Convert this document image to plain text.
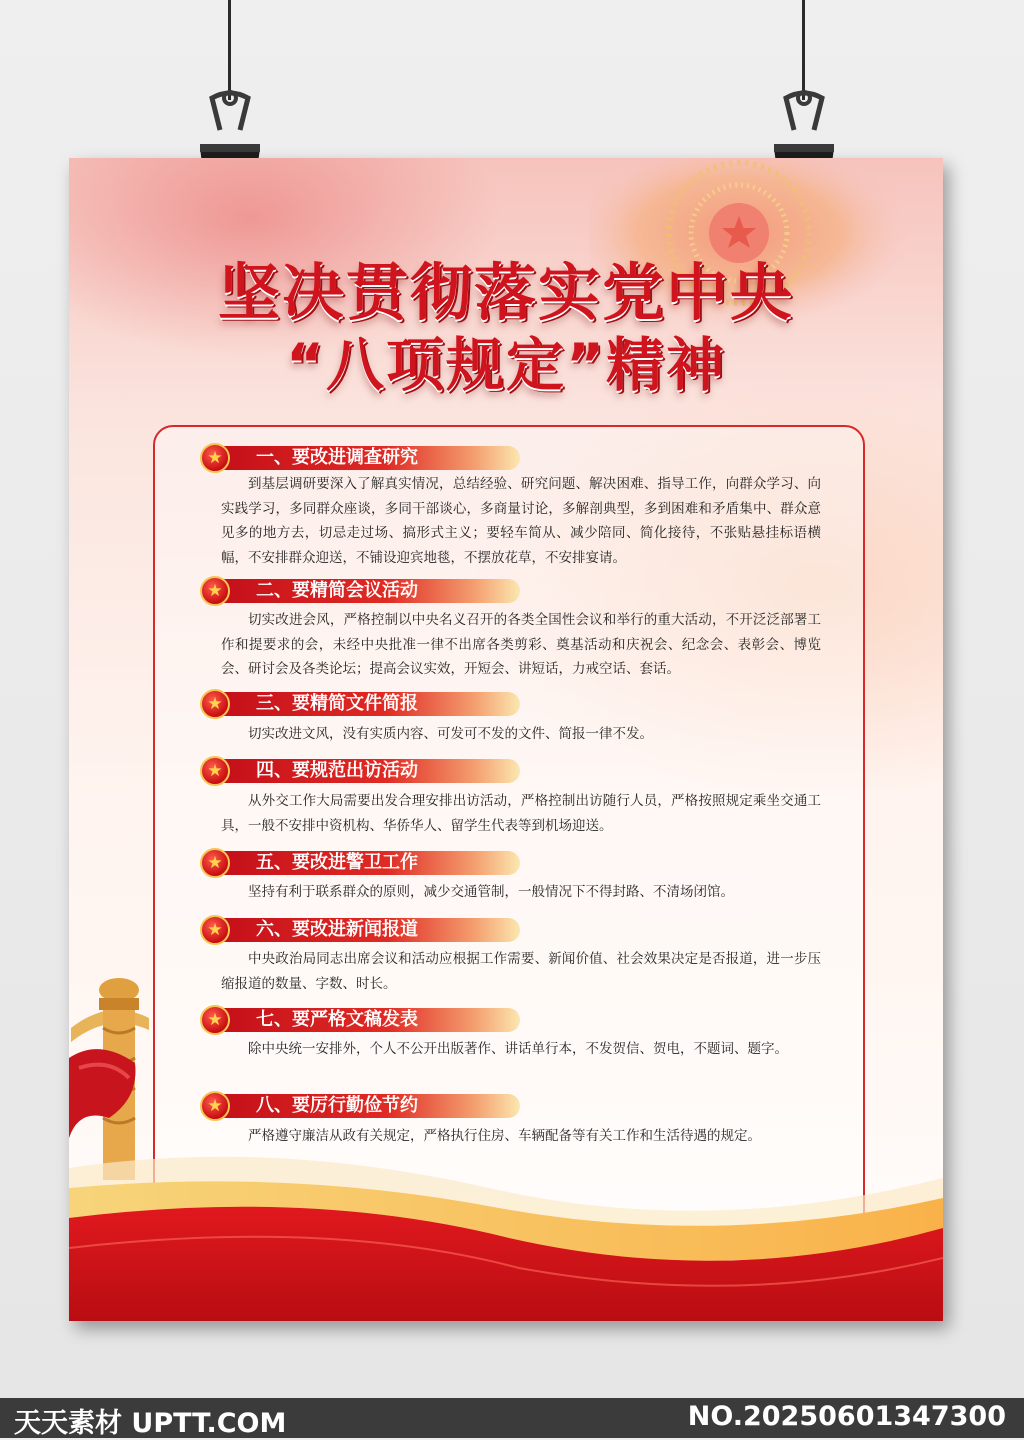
坚决贯彻落实党中央
“八项规定”精神
★	一、要改进调查研究
到基层调研要深入了解真实情况，总结经验、研究问题、解决困难、指导工作，向群众学习、向实践学习，多同群众座谈，多同干部谈心，多商量讨论，多解剖典型，多到困难和矛盾集中、群众意见多的地方去，切忌走过场、搞形式主义；要轻车简从、减少陪同、简化接待，不张贴悬挂标语横幅，不安排群众迎送，不铺设迎宾地毯，不摆放花草，不安排宴请。
★	二、要精简会议活动
切实改进会风，严格控制以中央名义召开的各类全国性会议和举行的重大活动，不开泛泛部署工作和提要求的会，未经中央批准一律不出席各类剪彩、奠基活动和庆祝会、纪念会、表彰会、博览会、研讨会及各类论坛；提高会议实效，开短会、讲短话，力戒空话、套话。
★	三、要精简文件简报
切实改进文风，没有实质内容、可发可不发的文件、简报一律不发。
★	四、要规范出访活动
从外交工作大局需要出发合理安排出访活动，严格控制出访随行人员，严格按照规定乘坐交通工具，一般不安排中资机构、华侨华人、留学生代表等到机场迎送。
★	五、要改进警卫工作
坚持有利于联系群众的原则，减少交通管制，一般情况下不得封路、不清场闭馆。
★	六、要改进新闻报道
中央政治局同志出席会议和活动应根据工作需要、新闻价值、社会效果决定是否报道，进一步压缩报道的数量、字数、时长。
★	七、要严格文稿发表
除中央统一安排外，个人不公开出版著作、讲话单行本，不发贺信、贺电，不题词、题字。
★	八、要厉行勤俭节约
严格遵守廉洁从政有关规定，严格执行住房、车辆配备等有关工作和生活待遇的规定。
天天素材 UPTT.COM	NO.20250601347300
